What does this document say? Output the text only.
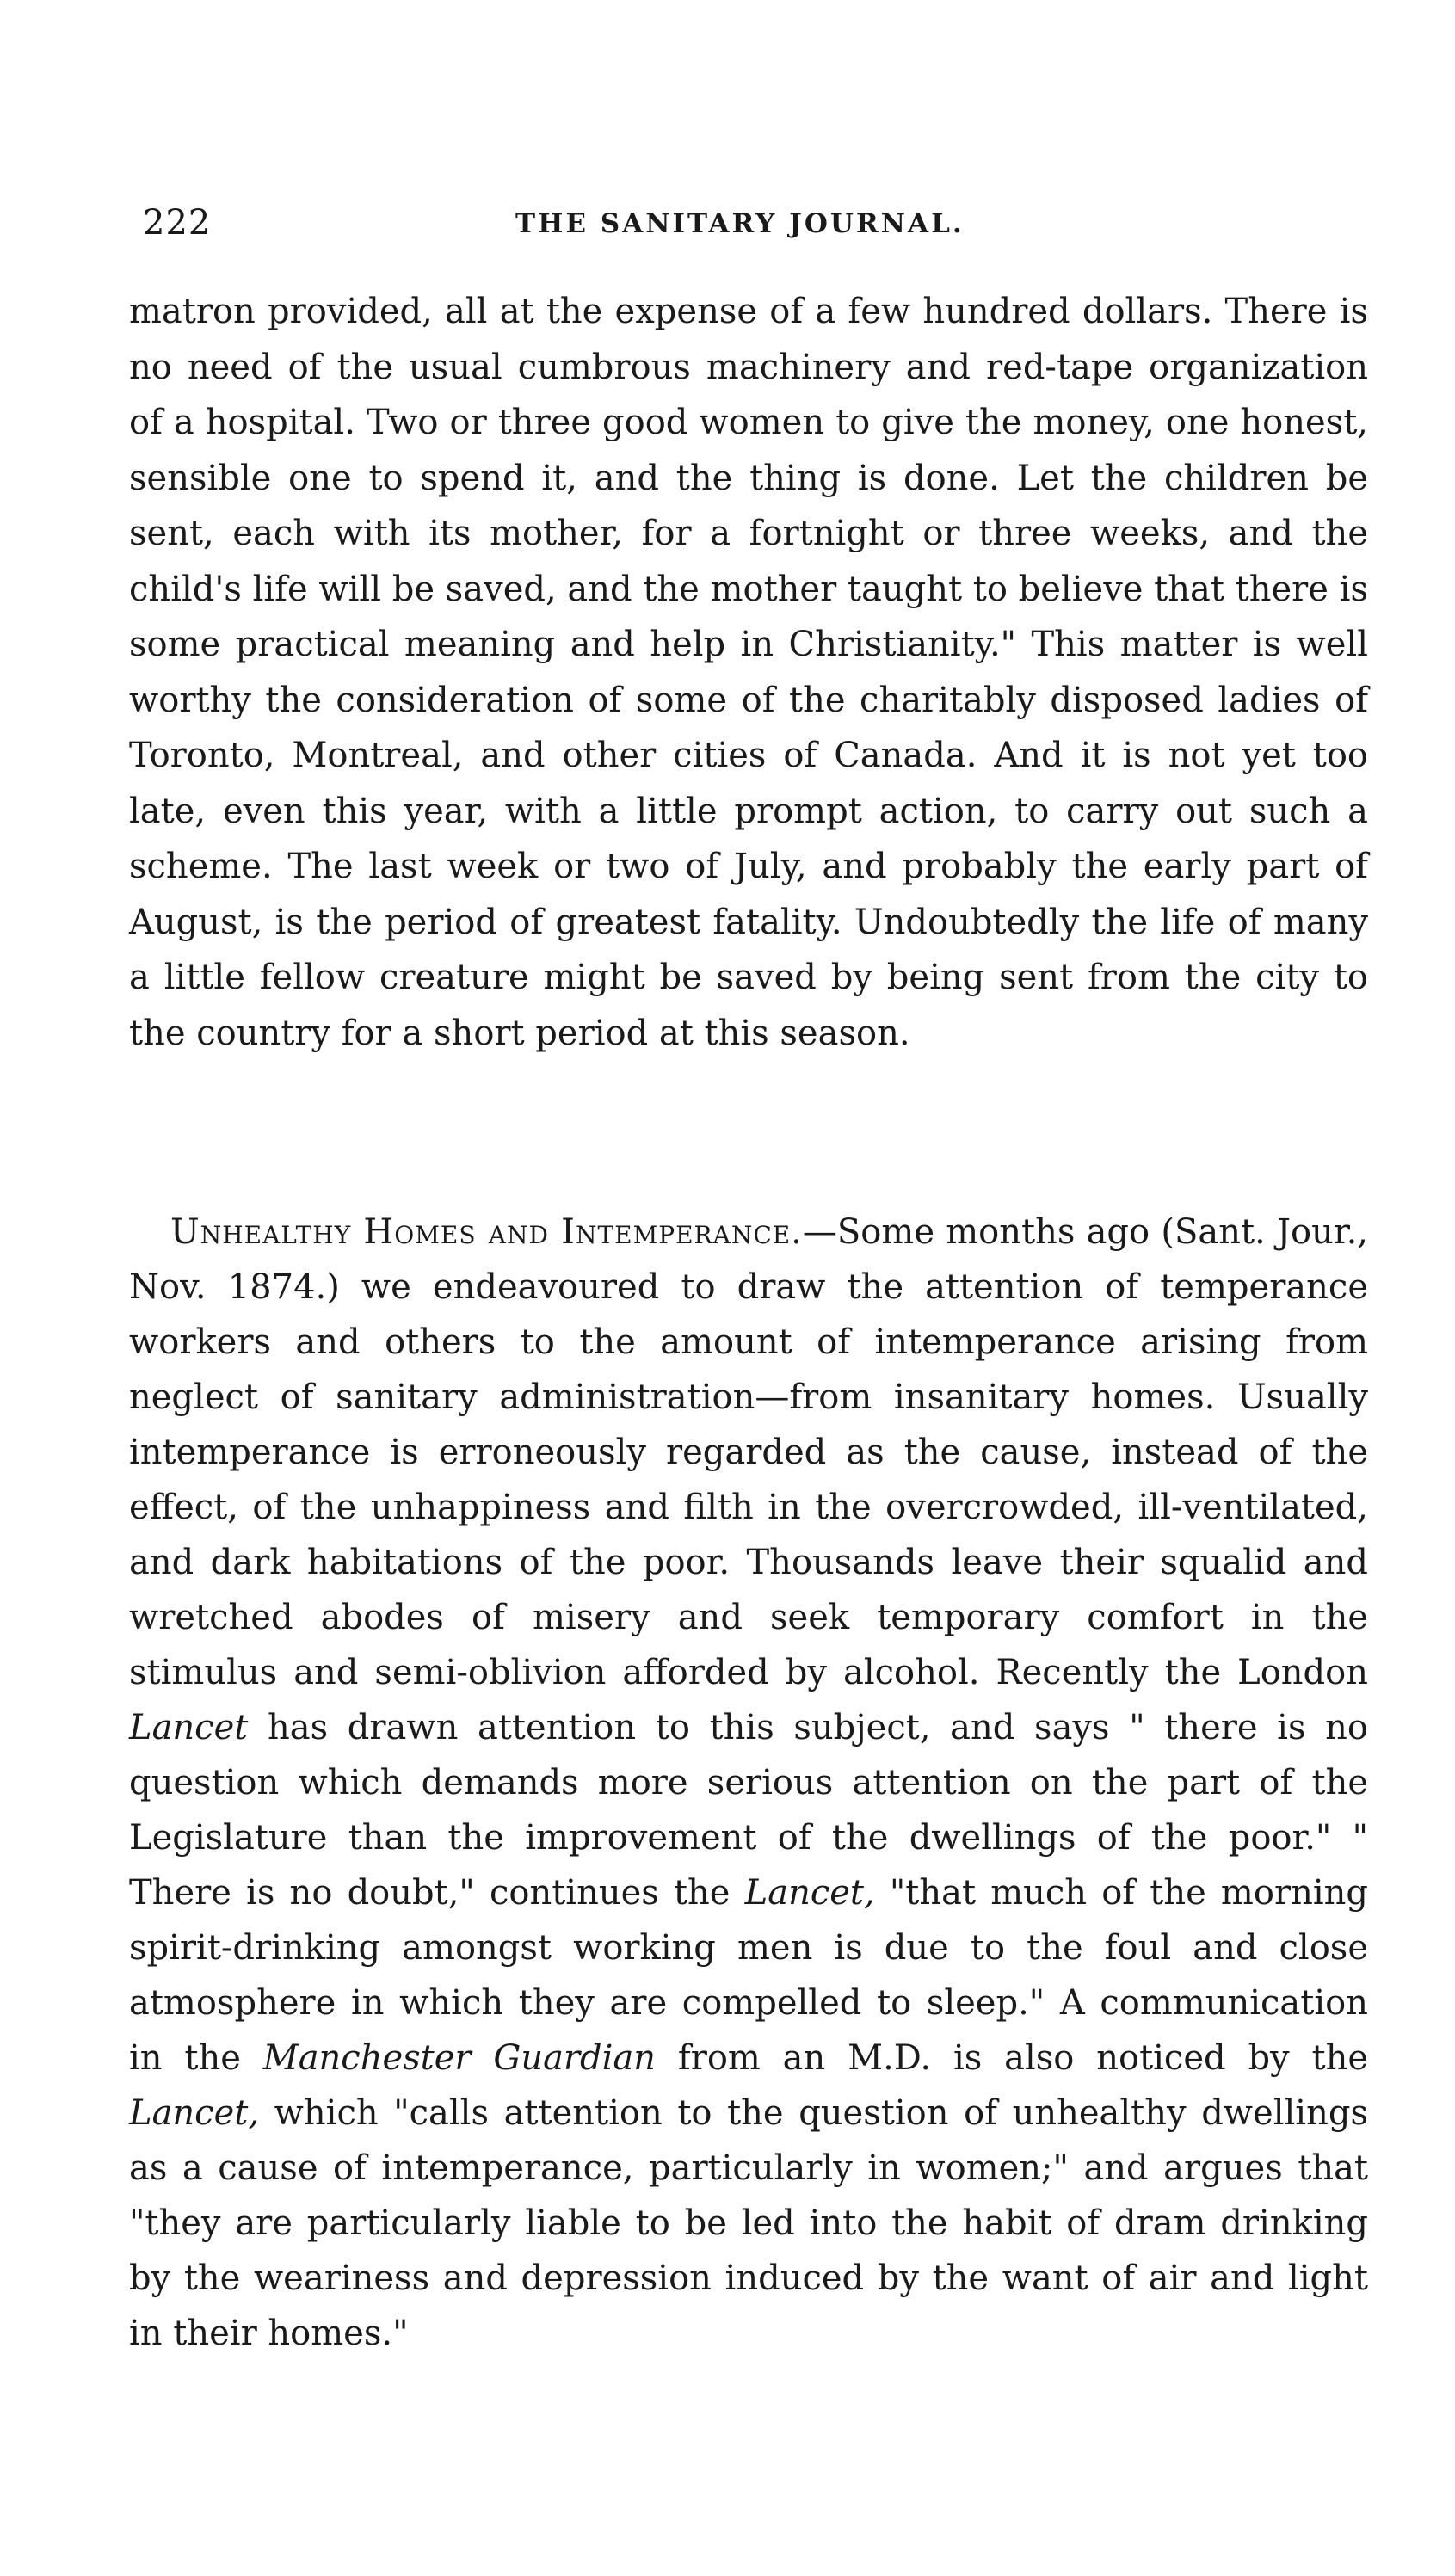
222	THE SANITARY JOURNAL.

matron provided, all at the expense of a few hundred dollars. There is no need of the usual cumbrous machinery and red-tape organization of a hospital. Two or three good women to give the money, one honest, sensible one to spend it, and the thing is done. Let the children be sent, each with its mother, for a fortnight or three weeks, and the child's life will be saved, and the mother taught to believe that there is some practical meaning and help in Christianity." This matter is well worthy the consideration of some of the charitably disposed ladies of Toronto, Montreal, and other cities of Canada. And it is not yet too late, even this year, with a little prompt action, to carry out such a scheme. The last week or two of July, and probably the early part of August, is the period of greatest fatality. Undoubtedly the life of many a little fellow creature might be saved by being sent from the city to the country for a short period at this season.

Unhealthy Homes and Intemperance.—Some months ago (Sant. Jour., Nov. 1874.) we endeavoured to draw the attention of temperance workers and others to the amount of intemperance arising from neglect of sanitary administration—from insanitary homes. Usually intemperance is erroneously regarded as the cause, instead of the effect, of the unhappiness and filth in the overcrowded, ill-ventilated, and dark habitations of the poor. Thousands leave their squalid and wretched abodes of misery and seek temporary comfort in the stimulus and semi-oblivion afforded by alcohol. Recently the London Lancet has drawn attention to this subject, and says " there is no question which demands more serious attention on the part of the Legislature than the improvement of the dwellings of the poor." " There is no doubt," continues the Lancet, "that much of the morning spirit-drinking amongst working men is due to the foul and close atmosphere in which they are compelled to sleep." A communication in the Manchester Guardian from an M.D. is also noticed by the Lancet, which "calls attention to the question of unhealthy dwellings as a cause of intemperance, particularly in women;" and argues that "they are particularly liable to be led into the habit of dram drinking by the weariness and depression induced by the want of air and light in their homes."
